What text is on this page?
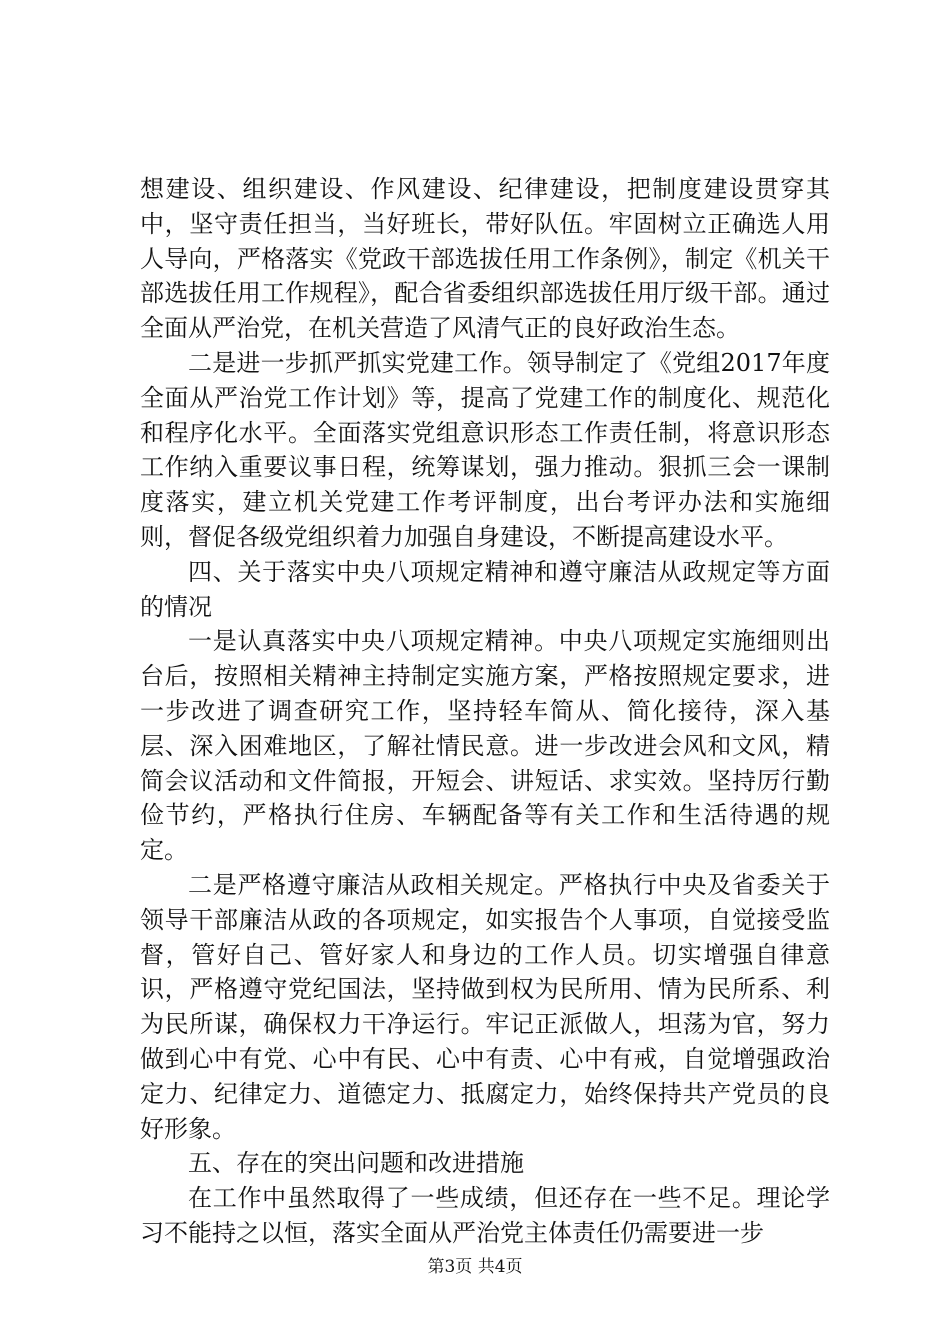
想建设、组织建设、作风建设、纪律建设，把制度建设贯穿其中，坚守责任担当，当好班长，带好队伍。牢固树立正确选人用人导向，严格落实《党政干部选拔任用工作条例》，制定《机关干部选拔任用工作规程》，配合省委组织部选拔任用厅级干部。通过全面从严治党，在机关营造了风清气正的良好政治生态。

二是进一步抓严抓实党建工作。领导制定了《党组2017年度全面从严治党工作计划》等，提高了党建工作的制度化、规范化和程序化水平。全面落实党组意识形态工作责任制，将意识形态工作纳入重要议事日程，统筹谋划，强力推动。狠抓三会一课制度落实，建立机关党建工作考评制度，出台考评办法和实施细则，督促各级党组织着力加强自身建设，不断提高建设水平。

四、关于落实中央八项规定精神和遵守廉洁从政规定等方面的情况

一是认真落实中央八项规定精神。中央八项规定实施细则出台后，按照相关精神主持制定实施方案，严格按照规定要求，进一步改进了调查研究工作，坚持轻车简从、简化接待，深入基层、深入困难地区，了解社情民意。进一步改进会风和文风，精简会议活动和文件简报，开短会、讲短话、求实效。坚持厉行勤俭节约，严格执行住房、车辆配备等有关工作和生活待遇的规定。

二是严格遵守廉洁从政相关规定。严格执行中央及省委关于领导干部廉洁从政的各项规定，如实报告个人事项，自觉接受监督，管好自己、管好家人和身边的工作人员。切实增强自律意识，严格遵守党纪国法，坚持做到权为民所用、情为民所系、利为民所谋，确保权力干净运行。牢记正派做人，坦荡为官，努力做到心中有党、心中有民、心中有责、心中有戒，自觉增强政治定力、纪律定力、道德定力、抵腐定力，始终保持共产党员的良好形象。

五、存在的突出问题和改进措施

在工作中虽然取得了一些成绩，但还存在一些不足。理论学习不能持之以恒，落实全面从严治党主体责任仍需要进一步

第3页 共4页
